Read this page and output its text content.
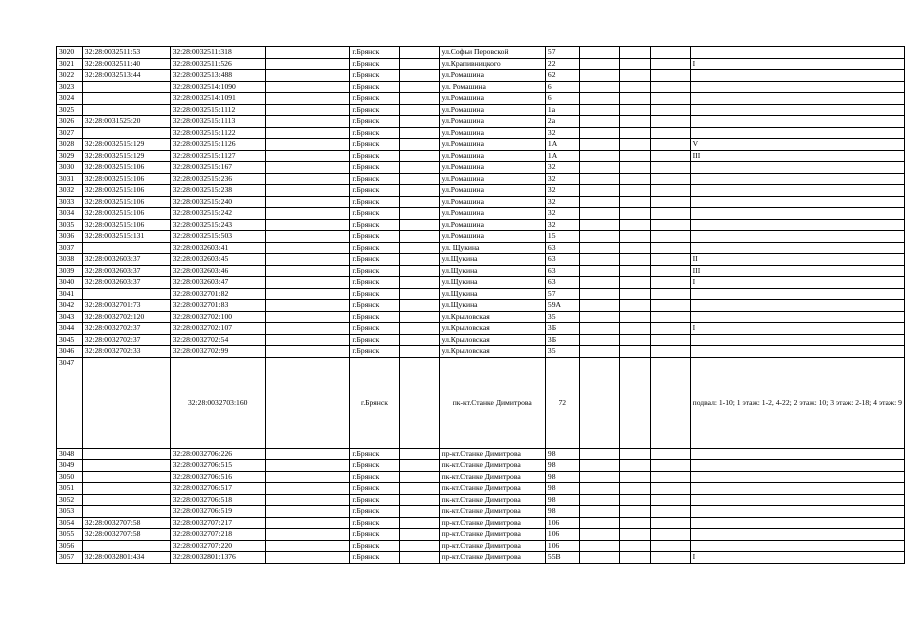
3020	32:28:0032511:53	32:28:0032511:318		г.Брянск		ул.Софьи Перовской	57				
3021	32:28:0032511:40	32:28:0032511:526		г.Брянск		ул.Крапивницкого	22				I
3022	32:28:0032513:44	32:28:0032513:488		г.Брянск		ул.Ромашина	62				
3023		32:28:0032514:1090		г.Брянск		ул. Ромашина	6				
3024		32:28:0032514:1091		г.Брянск		ул.Ромашина	6				
3025		32:28:0032515:1112		г.Брянск		ул.Ромашина	1а				
3026	32:28:0031525:20	32:28:0032515:1113		г.Брянск		ул.Ромашина	2а				
3027		32:28:0032515:1122		г.Брянск		ул.Ромашина	32				
3028	32:28:0032515:129	32:28:0032515:1126		г.Брянск		ул.Ромашина	1А				V
3029	32:28:0032515:129	32:28:0032515:1127		г.Брянск		ул.Ромашина	1А				III
3030	32:28:0032515:106	32:28:0032515:167		г.Брянск		ул.Ромашина	32				
3031	32:28:0032515:106	32:28:0032515:236		г.Брянск		ул.Ромашина	32				
3032	32:28:0032515:106	32:28:0032515:238		г.Брянск		ул.Ромашина	32				
3033	32:28:0032515:106	32:28:0032515:240		г.Брянск		ул.Ромашина	32				
3034	32:28:0032515:106	32:28:0032515:242		г.Брянск		ул.Ромашина	32				
3035	32:28:0032515:106	32:28:0032515:243		г.Брянск		ул.Ромашина	32				
3036	32:28:0032515:131	32:28:0032515:503		г.Брянск		ул.Ромашина	15				
3037		32:28:0032603:41		г.Брянск		ул. Щукина	63				
3038	32:28:0032603:37	32:28:0032603:45		г.Брянск		ул.Щукина	63				II
3039	32:28:0032603:37	32:28:0032603:46		г.Брянск		ул.Щукина	63				III
3040	32:28:0032603:37	32:28:0032603:47		г.Брянск		ул.Щукина	63				I
3041		32:28:0032701:82		г.Брянск		ул.Щукина	57				
3042	32:28:0032701:73	32:28:0032701:83		г.Брянск		ул.Щукина	59А				
3043	32:28:0032702:120	32:28:0032702:100		г.Брянск		ул.Крыловская	35				
3044	32:28:0032702:37	32:28:0032702:107		г.Брянск		ул.Крыловская	3Б				I
3045	32:28:0032702:37	32:28:0032702:54		г.Брянск		ул.Крыловская	3Б				
3046	32:28:0032702:33	32:28:0032702:99		г.Брянск		ул.Крыловская	35				
3047		32:28:0032703:160		г.Брянск		пк-кт.Станке Димитрова	72				подвал: 1-10; 1 этаж: 1-2, 4-22; 2 этаж: 10; 3 этаж: 2-18; 4 этаж: 9
3048		32:28:0032706:226		г.Брянск		пр-кт.Станке Димитрова	98				
3049		32:28:0032706:515		г.Брянск		пк-кт.Станке Димитрова	98				
3050		32:28:0032706:516		г.Брянск		пк-кт.Станке Димитрова	98				
3051		32:28:0032706:517		г.Брянск		пк-кт.Станке Димитрова	98				
3052		32:28:0032706:518		г.Брянск		пк-кт.Станке Димитрова	98				
3053		32:28:0032706:519		г.Брянск		пк-кт.Станке Димитрова	98				
3054	32:28:0032707:58	32:28:0032707:217		г.Брянск		пр-кт.Станке Димитрова	106				
3055	32:28:0032707:58	32:28:0032707:218		г.Брянск		пр-кт.Станке Димитрова	106				
3056		32:28:0032707:220		г.Брянск		пр-кт.Станке Димитрова	106				
3057	32:28:0032801:434	32:28:0032801:1376		г.Брянск		пр-кт.Станке Димитрова	55В				I
